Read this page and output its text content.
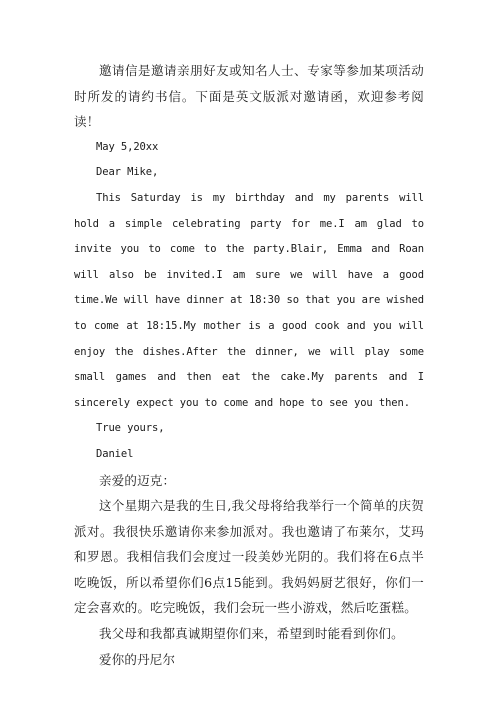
邀请信是邀请亲朋好友或知名人士、专家等参加某项活动时所发的请约书信。下面是英文版派对邀请函，欢迎参考阅读！

May 5,20xx

Dear Mike,

This Saturday is my birthday and my parents will hold a simple celebrating party for me.I am glad to invite you to come to the party.Blair, Emma and Roan will also be invited.I am sure we will have a good time.We will have dinner at 18:30 so that you are wished to come at 18:15.My mother is a good cook and you will enjoy the dishes.After the dinner, we will play some small games and then eat the cake.My parents and I sincerely expect you to come and hope to see you then.

True yours,

Daniel

亲爱的迈克：

这个星期六是我的生日,我父母将给我举行一个简单的庆贺派对。我很快乐邀请你来参加派对。我也邀请了布莱尔，艾玛和罗恩。我相信我们会度过一段美妙光阴的。我们将在6点半吃晚饭，所以希望你们6点15能到。我妈妈厨艺很好，你们一定会喜欢的。吃完晚饭，我们会玩一些小游戏，然后吃蛋糕。

我父母和我都真诚期望你们来，希望到时能看到你们。

爱你的丹尼尔
